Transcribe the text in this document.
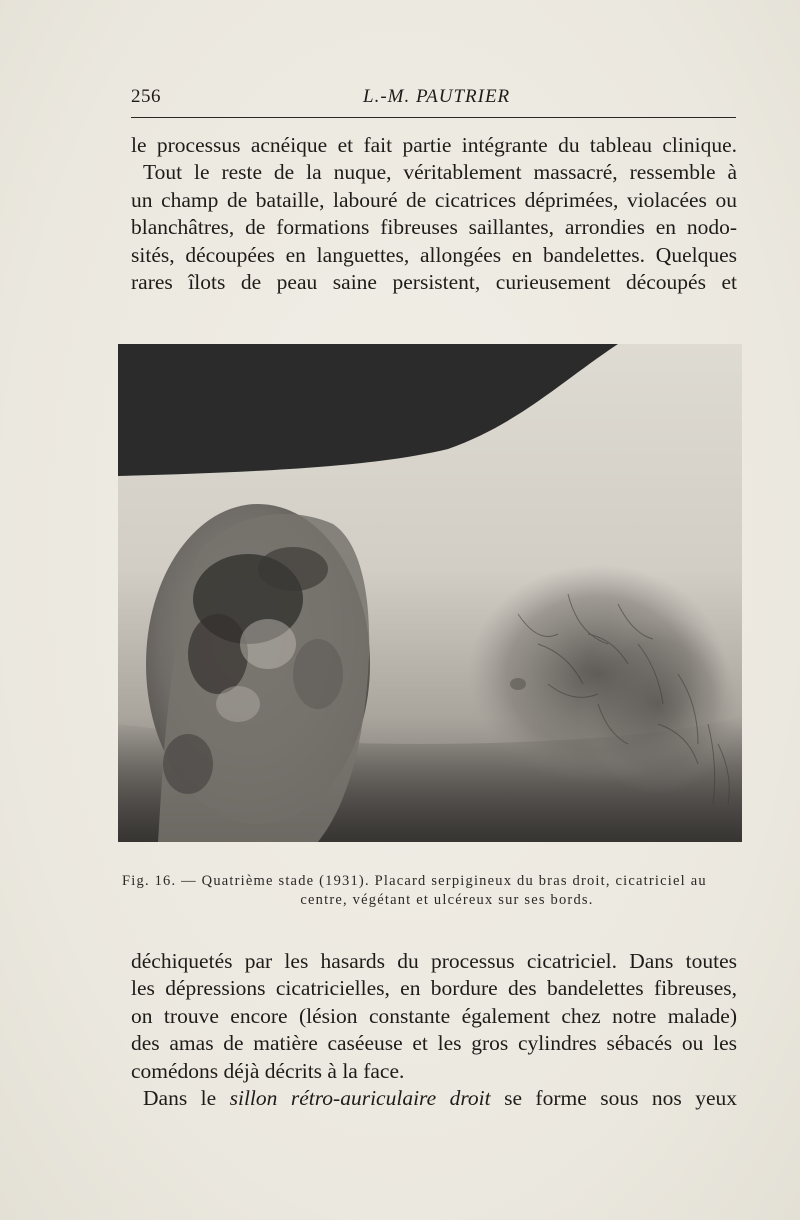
256	L.-M. PAUTRIER
le processus acnéique et fait partie intégrante du tableau clinique.
Tout le reste de la nuque, véritablement massacré, ressemble à
un champ de bataille, labouré de cicatrices déprimées, violacées ou
blanchâtres, de formations fibreuses saillantes, arrondies en nodo-
sités, découpées en languettes, allongées en bandelettes. Quelques
rares îlots de peau saine persistent, curieusement découpés et
Fig. 16. — Quatrième stade (1931). Placard serpigineux du bras droit, cicatriciel au
centre, végétant et ulcéreux sur ses bords.
déchiquetés par les hasards du processus cicatriciel. Dans toutes
les dépressions cicatricielles, en bordure des bandelettes fibreuses,
on trouve encore (lésion constante également chez notre malade)
des amas de matière caséeuse et les gros cylindres sébacés ou les
comédons déjà décrits à la face.
Dans le sillon rétro-auriculaire droit se forme sous nos yeux
